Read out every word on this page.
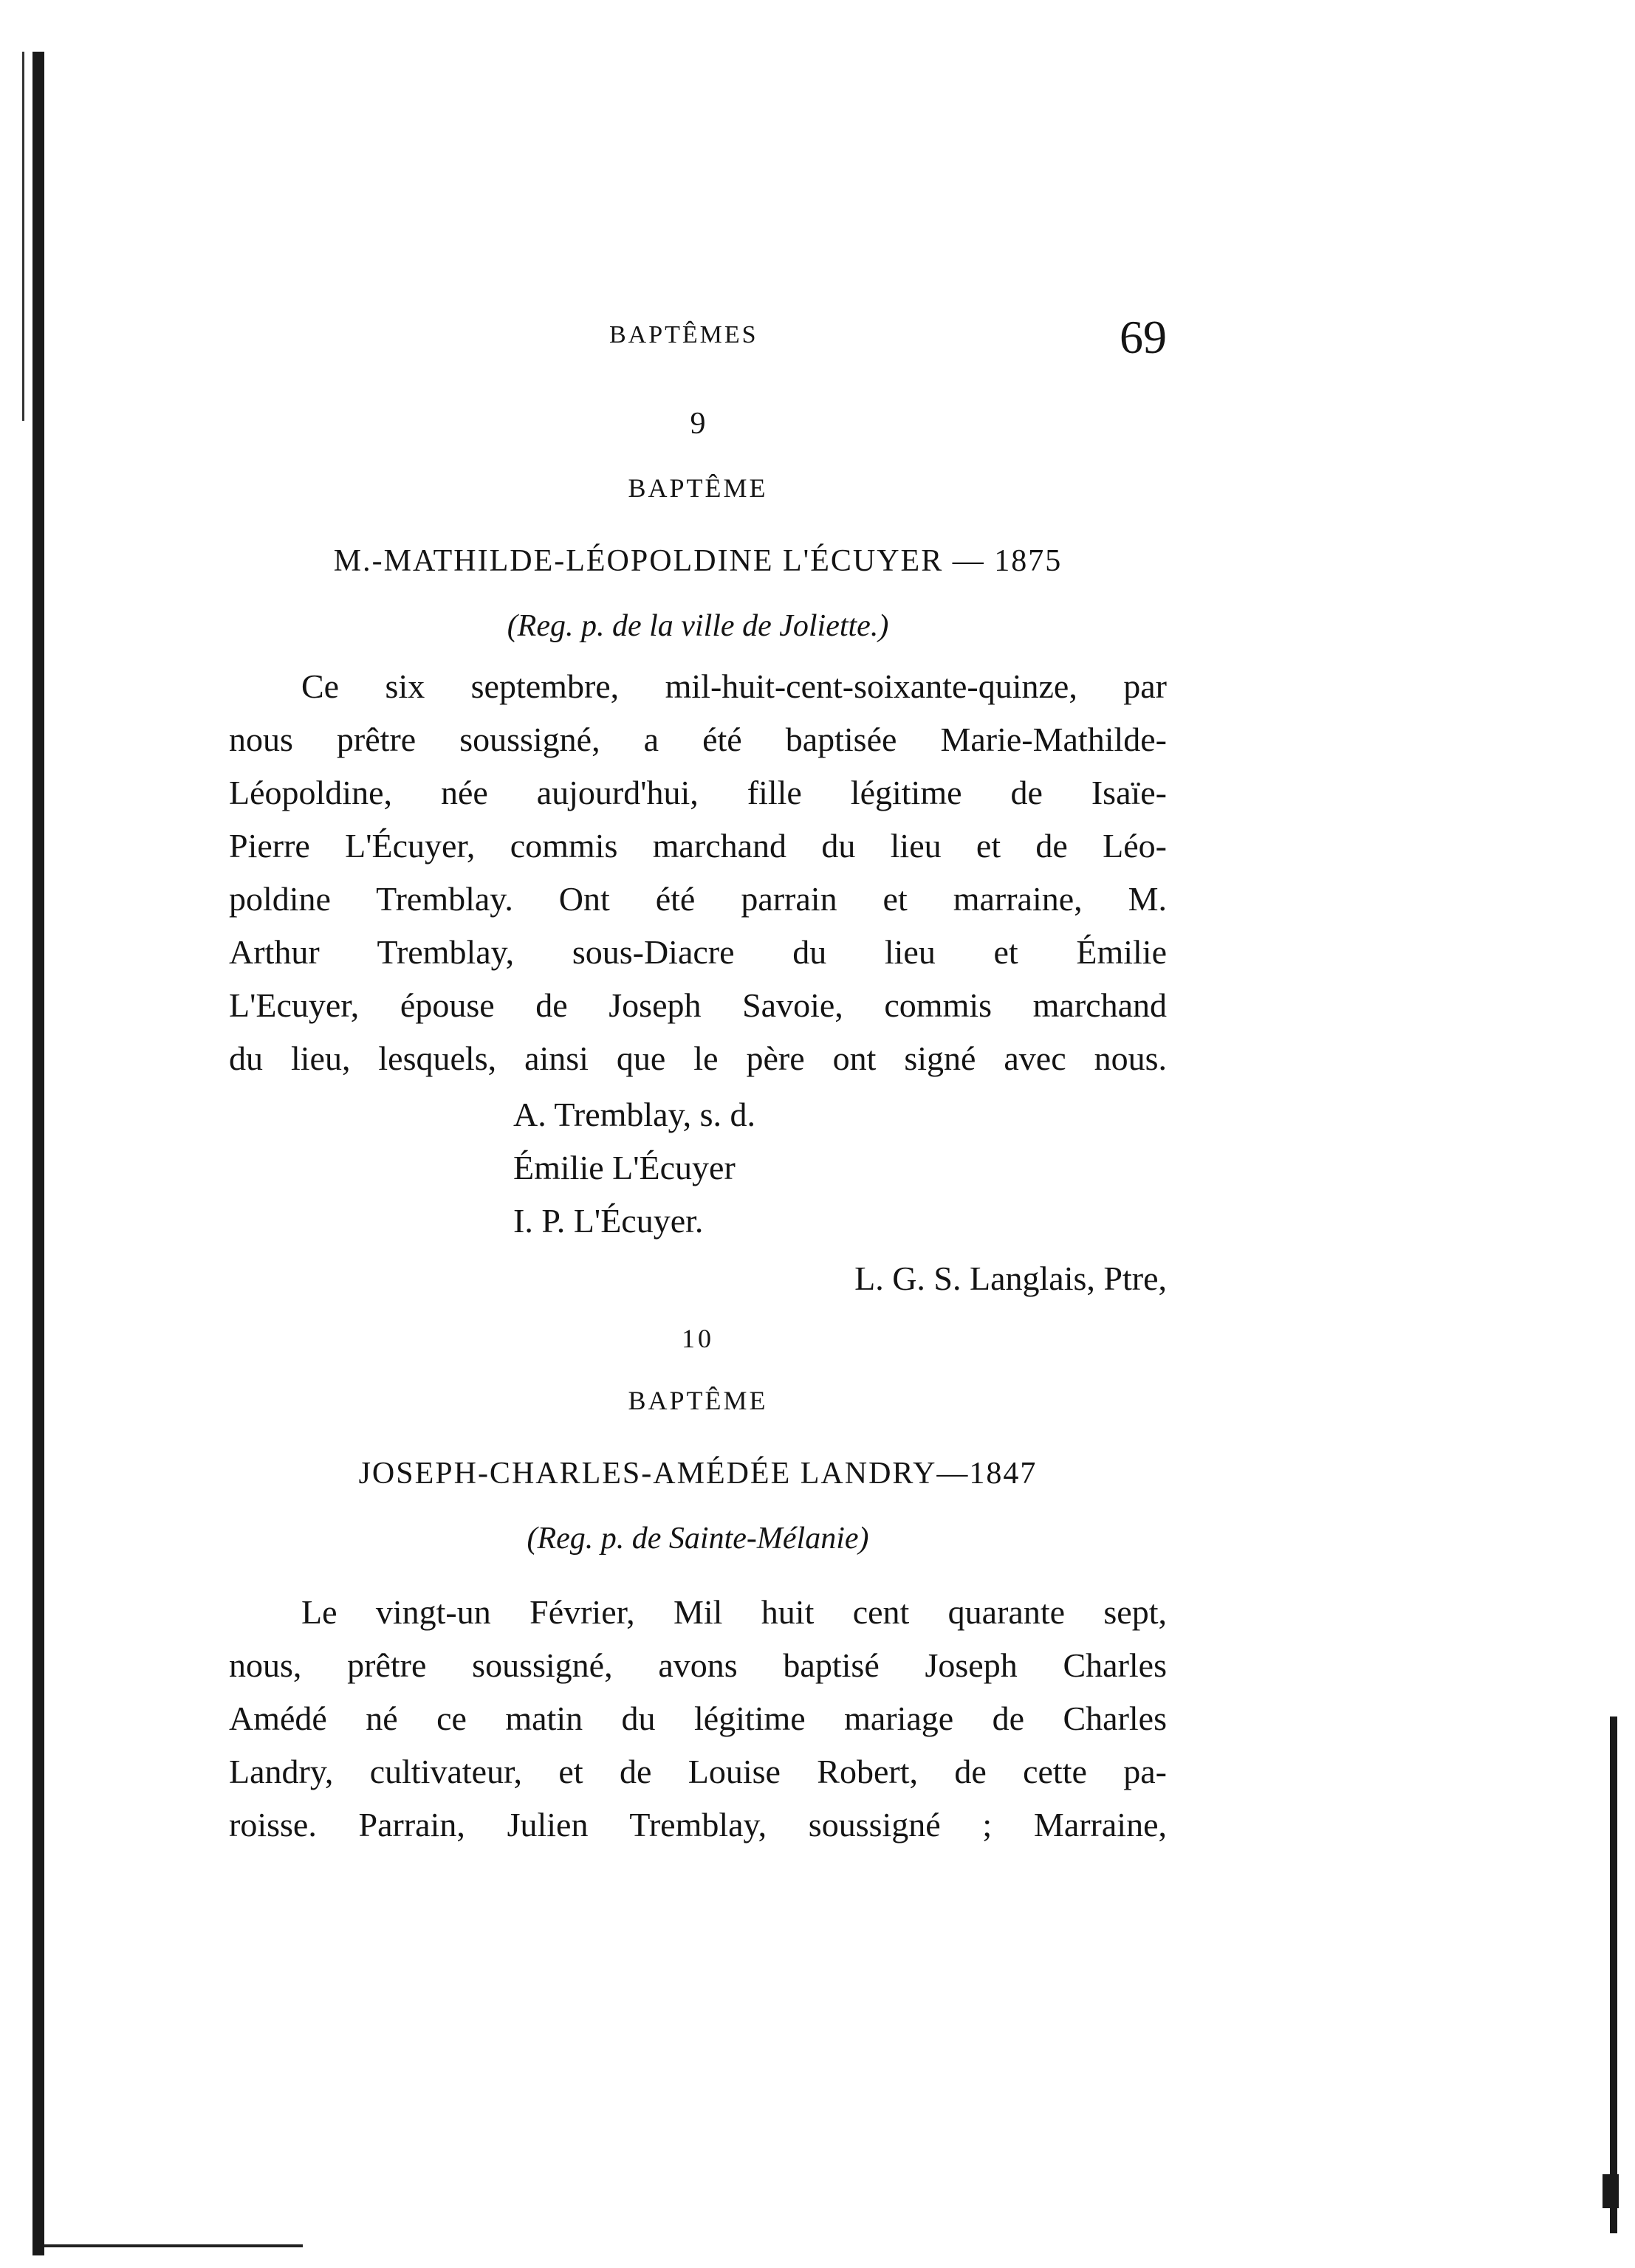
BAPTÊMES	69
9
BAPTÊME
M.-MATHILDE-LÉOPOLDINE L'ÉCUYER — 1875
(Reg. p. de la ville de Joliette.)
Ce six septembre, mil-huit-cent-soixante-quinze, par
nous prêtre soussigné, a été baptisée Marie-Mathilde-
Léopoldine, née aujourd'hui, fille légitime de Isaïe-
Pierre L'Écuyer, commis marchand du lieu et de Léo-
poldine Tremblay. Ont été parrain et marraine, M.
Arthur Tremblay, sous-Diacre du lieu et Émilie
L'Ecuyer, épouse de Joseph Savoie, commis marchand
du lieu, lesquels, ainsi que le père ont signé avec nous.
A. Tremblay, s. d.
Émilie L'Écuyer
I. P. L'Écuyer.
L. G. S. Langlais, Ptre,
10
BAPTÊME
JOSEPH-CHARLES-AMÉDÉE LANDRY—1847
(Reg. p. de Sainte-Mélanie)
Le vingt-un Février, Mil huit cent quarante sept,
nous, prêtre soussigné, avons baptisé Joseph Charles
Amédé né ce matin du légitime mariage de Charles
Landry, cultivateur, et de Louise Robert, de cette pa-
roisse. Parrain, Julien Tremblay, soussigné ; Marraine,
